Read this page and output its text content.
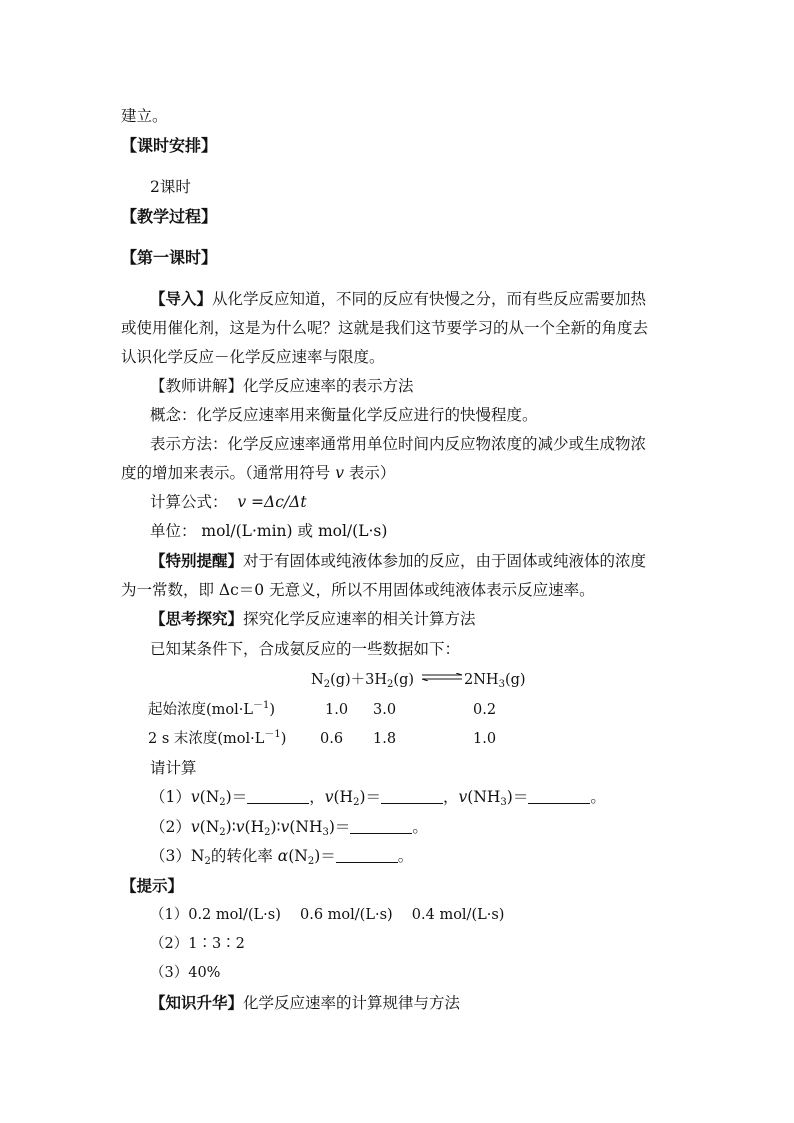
建立。
【课时安排】
2课时
【教学过程】
【第一课时】
【导入】从化学反应知道，不同的反应有快慢之分，而有些反应需要加热
或使用催化剂，这是为什么呢？这就是我们这节要学习的从一个全新的角度去
认识化学反应－化学反应速率与限度。
【教师讲解】化学反应速率的表示方法
概念：化学反应速率用来衡量化学反应进行的快慢程度。
表示方法：化学反应速率通常用单位时间内反应物浓度的减少或生成物浓
度的增加来表示。（通常用符号 v 表示）
计算公式： v =Δc/Δt
单位： mol/(L·min) 或 mol/(L·s)
【特别提醒】对于有固体或纯液体参加的反应，由于固体或纯液体的浓度
为一常数，即 Δc＝0 无意义，所以不用固体或纯液体表示反应速率。
【思考探究】探究化学反应速率的相关计算方法
已知某条件下，合成氨反应的一些数据如下：
$N_2(g)+3H_2(g)$ $\rightleftharpoons 2NH_3(g)$
起始浓度$(mol\cdot L^{-1})$	1.0 3.0	0.2
2 s 末浓度$(mol\cdot L^{-1})$ 0.6 1.8	1.0
请计算
$(1)v(N_2)=$	，$v(H_2)=$	，$v(NH_3)=$	。
$(2)v(N_2)∶v(H_2)∶v(NH_3)=$	。
$(3)N_2$的转化率 $\alpha(N_2)=$	。
【提示】
（1）0.2 mol/(L·s)　 0.6 mol/(L·s)　 0.4 mol/(L·s)
（2）1∶3∶2
（3）40%
【知识升华】化学反应速率的计算规律与方法
